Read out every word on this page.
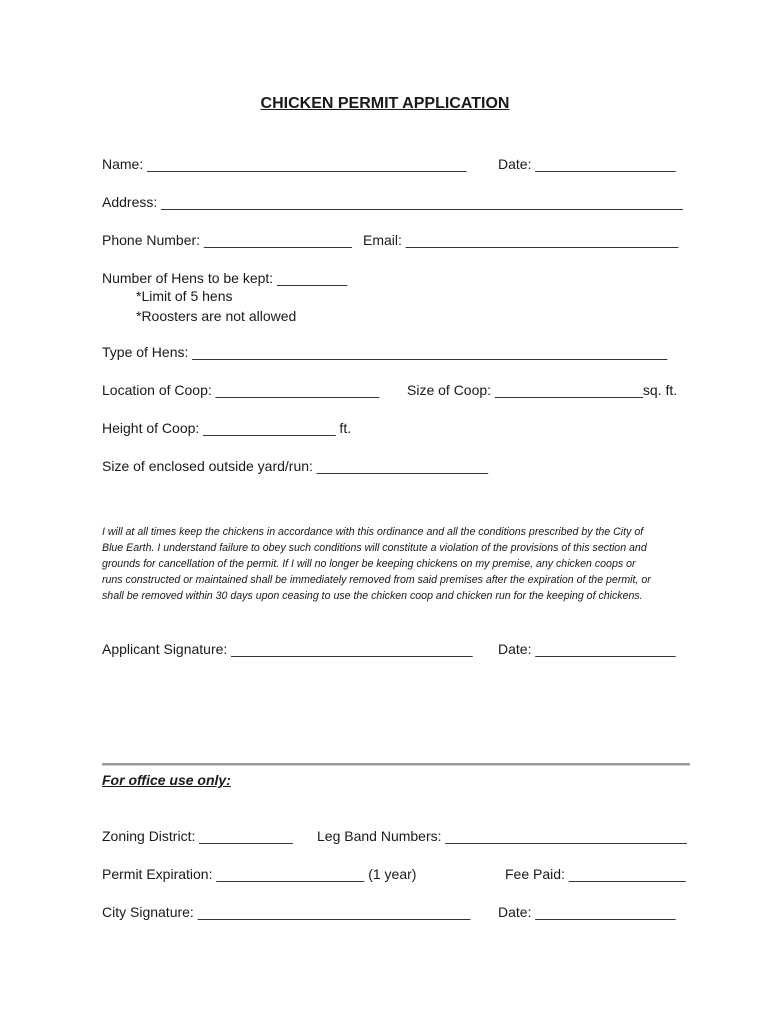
CHICKEN PERMIT APPLICATION
Name: _________________________________________ Date: __________________
Address: ___________________________________________________________________
Phone Number: ___________________ Email: ___________________________________
Number of Hens to be kept: _________
*Limit of 5 hens
*Roosters are not allowed
Type of Hens: _____________________________________________________________
Location of Coop: _____________________ Size of Coop: ___________________sq. ft.
Height of Coop: _________________ ft.
Size of enclosed outside yard/run: ______________________

I will at all times keep the chickens in accordance with this ordinance and all the conditions prescribed by the City of

Blue Earth. I understand failure to obey such conditions will constitute a violation of the provisions of this section and

grounds for cancellation of the permit. If I will no longer be keeping chickens on my premise, any chicken coops or

runs constructed or maintained shall be immediately removed from said premises after the expiration of the permit, or

shall be removed within 30 days upon ceasing to use the chicken coop and chicken run for the keeping of chickens.

Applicant Signature: _______________________________ Date: __________________
For office use only:
Zoning District: ____________ Leg Band Numbers: _______________________________
Permit Expiration: ___________________ (1 year)	Fee Paid: _______________
City Signature: ___________________________________ Date: __________________
